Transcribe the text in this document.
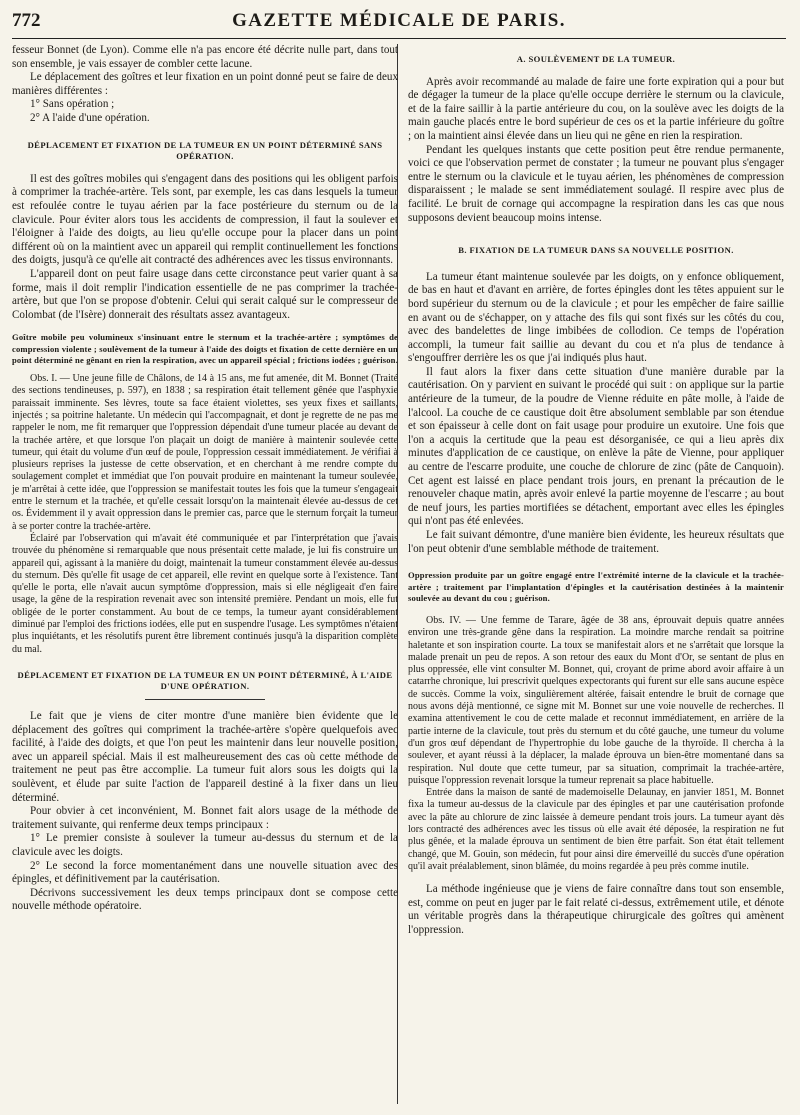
772	GAZETTE MÉDICALE DE PARIS.

fesseur Bonnet (de Lyon). Comme elle n'a pas encore été décrite nulle part, dans tout son ensemble, je vais essayer de combler cette lacune.

Le déplacement des goîtres et leur fixation en un point donné peut se faire de deux manières différentes :

1° Sans opération ;

2° A l'aide d'une opération.

DÉPLACEMENT ET FIXATION DE LA TUMEUR EN UN POINT DÉTERMINÉ SANS OPÉRATION.

Il est des goîtres mobiles qui s'engagent dans des positions qui les obligent parfois à comprimer la trachée-artère. Tels sont, par exemple, les cas dans lesquels la tumeur est refoulée contre le tuyau aérien par la face postérieure du sternum ou de la clavicule. Pour éviter alors tous les accidents de compression, il faut la soulever et l'éloigner à l'aide des doigts, au lieu qu'elle occupe pour la placer dans un point différent où on la maintient avec un appareil qui remplit continuellement les fonctions des doigts, jusqu'à ce qu'elle ait contracté des adhérences avec les tissus environnants.

L'appareil dont on peut faire usage dans cette circonstance peut varier quant à sa forme, mais il doit remplir l'indication essentielle de ne pas comprimer la trachée-artère, but que l'on se propose d'obtenir. Celui qui serait calqué sur le compresseur de Colombat (de l'Isère) donnerait des résultats assez avantageux.

Goître mobile peu volumineux s'insinuant entre le sternum et la trachée-artère ; symptômes de compression violente ; soulèvement de la tumeur à l'aide des doigts et fixation de cette dernière en un point déterminé ne gênant en rien la respiration, avec un appareil spécial ; frictions iodées ; guérison.

Obs. I. — Une jeune fille de Châlons, de 14 à 15 ans, me fut amenée, dit M. Bonnet (Traité des sections tendineuses, p. 597), en 1838 ; sa respiration était tellement gênée que l'asphyxie paraissait imminente. Ses lèvres, toute sa face étaient violettes, ses yeux fixes et saillants, injectés ; sa poitrine haletante. Un médecin qui l'accompagnait, et dont je regrette de ne pas me rappeler le nom, me fit remarquer que l'oppression dépendait d'une tumeur placée au devant de la trachée artère, et que lorsque l'on plaçait un doigt de manière à maintenir soulevée cette tumeur, qui était du volume d'un œuf de poule, l'oppression cessait immédiatement. Je vérifiai à plusieurs reprises la justesse de cette observation, et en cherchant à me rendre compte du soulagement complet et immédiat que l'on pouvait produire en maintenant la tumeur soulevée, je m'arrêtai à cette idée, que l'oppression se manifestait toutes les fois que la tumeur s'engageait entre le sternum et la trachée, et qu'elle cessait lorsqu'on la maintenait élevée au-dessus de cet os. Évidemment il y avait oppression dans le premier cas, parce que le sternum forçait la tumeur à se porter contre la trachée-artère.

Éclairé par l'observation qui m'avait été communiquée et par l'interprétation que j'avais trouvée du phénomène si remarquable que nous présentait cette malade, je lui fis construire un appareil qui, agissant à la manière du doigt, maintenait la tumeur constamment élevée au-dessus du sternum. Dès qu'elle fit usage de cet appareil, elle revint en quelque sorte à l'existence. Tant qu'elle le porta, elle n'avait aucun symptôme d'oppression, mais si elle négligeait d'en faire usage, la gêne de la respiration revenait avec son intensité première. Pendant un mois, elle fut obligée de le porter constamment. Au bout de ce temps, la tumeur ayant considérablement diminué par l'emploi des frictions iodées, elle put en suspendre l'usage. Les symptômes n'étaient plus inquiétants, et les résolutifs purent être librement continués jusqu'à la disparition complète du mal.

DÉPLACEMENT ET FIXATION DE LA TUMEUR EN UN POINT DÉTERMINÉ, À L'AIDE D'UNE OPÉRATION.

Le fait que je viens de citer montre d'une manière bien évidente que le déplacement des goîtres qui compriment la trachée-artère s'opère quelquefois avec facilité, à l'aide des doigts, et que l'on peut les maintenir dans leur nouvelle position, avec un appareil spécial. Mais il est malheureusement des cas où cette méthode de traitement ne peut pas être accomplie. La tumeur fuit alors sous les doigts qui la soulèvent, et élude par suite l'action de l'appareil destiné à la fixer dans un lieu déterminé.

Pour obvier à cet inconvénient, M. Bonnet fait alors usage de la méthode de traitement suivante, qui renferme deux temps principaux :

1° Le premier consiste à soulever la tumeur au-dessus du sternum et de la clavicule avec les doigts.

2° Le second la force momentanément dans une nouvelle situation avec des épingles, et définitivement par la cautérisation.

Décrivons successivement les deux temps principaux dont se compose cette nouvelle méthode opératoire.

A. SOULÈVEMENT DE LA TUMEUR.

Après avoir recommandé au malade de faire une forte expiration qui a pour but de dégager la tumeur de la place qu'elle occupe derrière le sternum ou la clavicule, et de la faire saillir à la partie antérieure du cou, on la soulève avec les doigts de la main gauche placés entre le bord supérieur de ces os et la partie inférieure du goître ; on la maintient ainsi élevée dans un lieu qui ne gêne en rien la respiration.

Pendant les quelques instants que cette position peut être rendue permanente, voici ce que l'observation permet de constater ; la tumeur ne pouvant plus s'engager entre le sternum ou la clavicule et le tuyau aérien, les phénomènes de compression disparaissent ; le malade se sent immédiatement soulagé. Il respire avec plus de facilité. Le bruit de cornage qui accompagne la respiration dans les cas que nous supposons devient beaucoup moins intense.

B. FIXATION DE LA TUMEUR DANS SA NOUVELLE POSITION.

La tumeur étant maintenue soulevée par les doigts, on y enfonce obliquement, de bas en haut et d'avant en arrière, de fortes épingles dont les têtes appuient sur le bord supérieur du sternum ou de la clavicule ; et pour les empêcher de faire saillie en avant ou de s'échapper, on y attache des fils qui sont fixés sur les côtés du cou, avec des bandelettes de linge imbibées de collodion. Ce temps de l'opération accompli, la tumeur fait saillie au devant du cou et n'a plus de tendance à s'engouffrer derrière les os que j'ai indiqués plus haut.

Il faut alors la fixer dans cette situation d'une manière durable par la cautérisation. On y parvient en suivant le procédé qui suit : on applique sur la partie antérieure de la tumeur, de la poudre de Vienne réduite en pâte molle, à l'aide de l'alcool. La couche de ce caustique doit être absolument semblable par son étendue et son épaisseur à celle dont on fait usage pour produire un exutoire. Une fois que l'on a acquis la certitude que la peau est désorganisée, ce qui a lieu après dix minutes d'application de ce caustique, on enlève la pâte de Vienne, pour appliquer au centre de l'escarre produite, une couche de chlorure de zinc (pâte de Canquoin). Cet agent est laissé en place pendant trois jours, en prenant la précaution de le renouveler chaque matin, après avoir enlevé la partie moyenne de l'escarre ; au bout de neuf jours, les parties mortifiées se détachent, emportant avec elles les épingles qui n'ont pas été enlevées.

Le fait suivant démontre, d'une manière bien évidente, les heureux résultats que l'on peut obtenir d'une semblable méthode de traitement.

Oppression produite par un goître engagé entre l'extrémité interne de la clavicule et la trachée-artère ; traitement par l'implantation d'épingles et la cautérisation destinées à la maintenir soulevée au devant du cou ; guérison.

Obs. IV. — Une femme de Tarare, âgée de 38 ans, éprouvait depuis quatre années environ une très-grande gêne dans la respiration. La moindre marche rendait sa poitrine haletante et son inspiration courte. La toux se manifestait alors et ne s'arrêtait que lorsque la malade prenait un peu de repos. A son retour des eaux du Mont d'Or, se sentant de plus en plus oppressée, elle vint consulter M. Bonnet, qui, croyant de prime abord avoir affaire à un catarrhe chronique, lui prescrivit quelques expectorants qui furent sur elle sans aucune espèce de succès. Comme la voix, singulièrement altérée, faisait entendre le bruit de cornage que nous avons déjà mentionné, ce signe mit M. Bonnet sur une voie nouvelle de recherches. Il examina attentivement le cou de cette malade et reconnut immédiatement, en arrière de la partie interne de la clavicule, tout près du sternum et du côté gauche, une tumeur du volume d'un gros œuf dépendant de l'hypertrophie du lobe gauche de la thyroïde. Il chercha à la soulever, et ayant réussi à la déplacer, la malade éprouva un bien-être momentané dans sa respiration. Nul doute que cette tumeur, par sa situation, comprimait la trachée-artère, puisque l'oppression revenait lorsque la tumeur reprenait sa place habituelle.

Entrée dans la maison de santé de mademoiselle Delaunay, en janvier 1851, M. Bonnet fixa la tumeur au-dessus de la clavicule par des épingles et par une cautérisation profonde avec la pâte au chlorure de zinc laissée à demeure pendant trois jours. La tumeur ayant dès lors contracté des adhérences avec les tissus où elle avait été déposée, la respiration ne fut plus gênée, et la malade éprouva un sentiment de bien être parfait. Son état était tellement changé, que M. Gouin, son médecin, fut pour ainsi dire émerveillé du succès d'une opération qu'il avait préalablement, sinon blâmée, du moins regardée à peu près comme inutile.

La méthode ingénieuse que je viens de faire connaître dans tout son ensemble, est, comme on peut en juger par le fait relaté ci-dessus, extrêmement utile, et dénote un véritable progrès dans la thérapeutique chirurgicale des goîtres qui amènent l'oppression.
